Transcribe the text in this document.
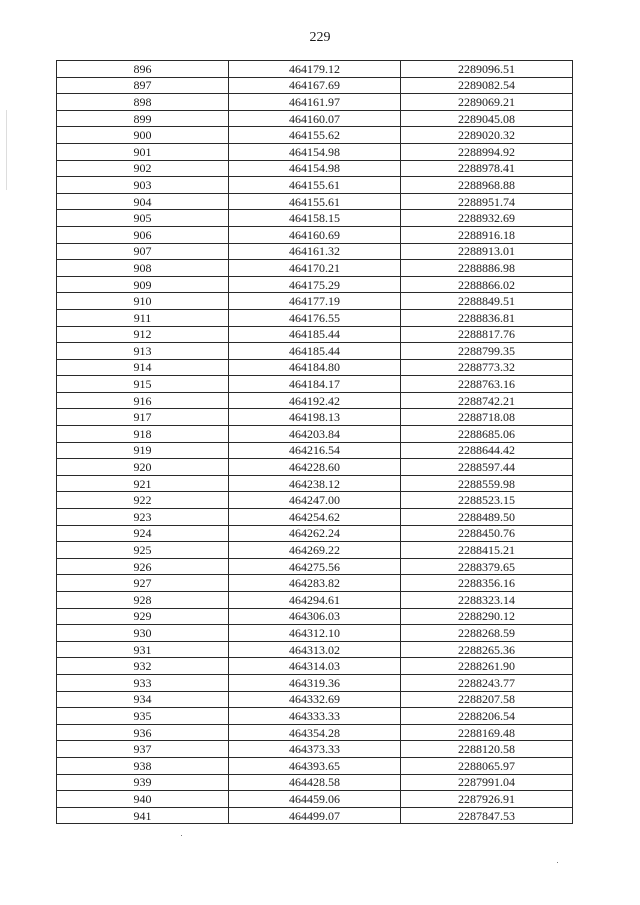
229
896	464179.12	2289096.51
897	464167.69	2289082.54
898	464161.97	2289069.21
899	464160.07	2289045.08
900	464155.62	2289020.32
901	464154.98	2288994.92
902	464154.98	2288978.41
903	464155.61	2288968.88
904	464155.61	2288951.74
905	464158.15	2288932.69
906	464160.69	2288916.18
907	464161.32	2288913.01
908	464170.21	2288886.98
909	464175.29	2288866.02
910	464177.19	2288849.51
911	464176.55	2288836.81
912	464185.44	2288817.76
913	464185.44	2288799.35
914	464184.80	2288773.32
915	464184.17	2288763.16
916	464192.42	2288742.21
917	464198.13	2288718.08
918	464203.84	2288685.06
919	464216.54	2288644.42
920	464228.60	2288597.44
921	464238.12	2288559.98
922	464247.00	2288523.15
923	464254.62	2288489.50
924	464262.24	2288450.76
925	464269.22	2288415.21
926	464275.56	2288379.65
927	464283.82	2288356.16
928	464294.61	2288323.14
929	464306.03	2288290.12
930	464312.10	2288268.59
931	464313.02	2288265.36
932	464314.03	2288261.90
933	464319.36	2288243.77
934	464332.69	2288207.58
935	464333.33	2288206.54
936	464354.28	2288169.48
937	464373.33	2288120.58
938	464393.65	2288065.97
939	464428.58	2287991.04
940	464459.06	2287926.91
941	464499.07	2287847.53
